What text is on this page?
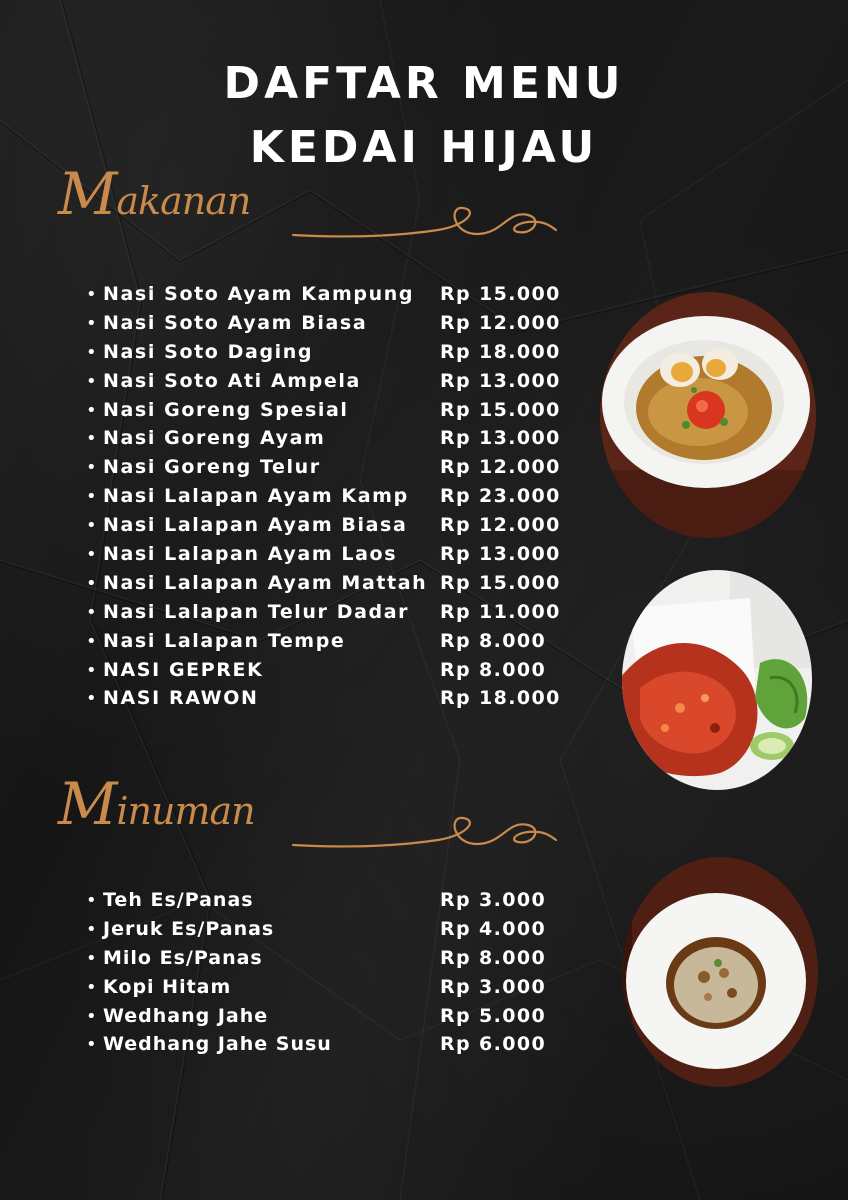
DAFTAR MENU
KEDAI HIJAU
Makanan
• Nasi Soto Ayam Kampung Rp 15.000
• Nasi Soto Ayam Biasa	Rp 12.000
• Nasi Soto Daging	Rp 18.000
• Nasi Soto Ati Ampela	Rp 13.000
• Nasi Goreng Spesial	Rp 15.000
• Nasi Goreng Ayam	Rp 13.000
• Nasi Goreng Telur	Rp 12.000
• Nasi Lalapan Ayam Kamp Rp 23.000
• Nasi Lalapan Ayam Biasa Rp 12.000
• Nasi Lalapan Ayam Laos Rp 13.000
• Nasi Lalapan Ayam Mattah Rp 15.000
• Nasi Lalapan Telur Dadar Rp 11.000
• Nasi Lalapan Tempe	Rp 8.000
• NASI GEPREK	Rp 8.000
• NASI RAWON	Rp 18.000
Minuman
• Teh Es/Panas	Rp 3.000
• Jeruk Es/Panas	Rp 4.000
• Milo Es/Panas	Rp 8.000
• Kopi Hitam	Rp 3.000
• Wedhang Jahe	Rp 5.000
• Wedhang Jahe Susu	Rp 6.000
